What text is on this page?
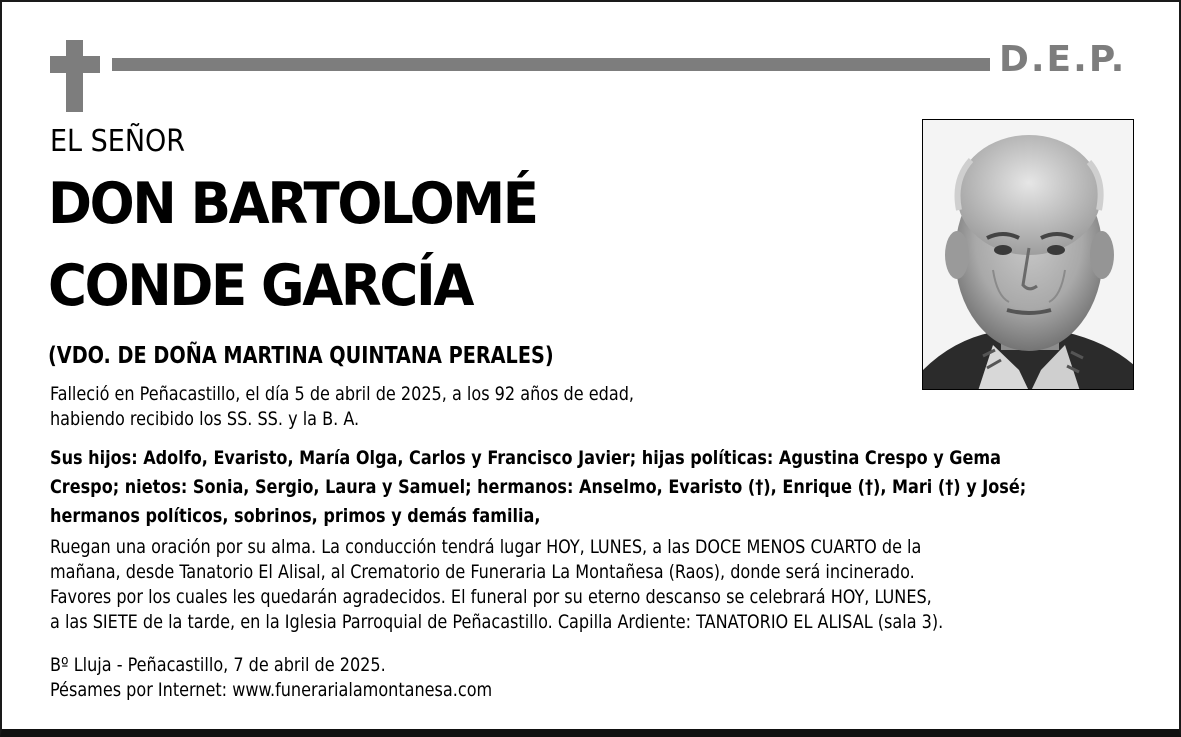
D.E.P.
EL SEÑOR
DON BARTOLOMÉ
CONDE GARCÍA
(VDO. DE DOÑA MARTINA QUINTANA PERALES)
Falleció en Peñacastillo, el día 5 de abril de 2025, a los 92 años de edad,
habiendo recibido los SS. SS. y la B. A.
Sus hijos: Adolfo, Evaristo, María Olga, Carlos y Francisco Javier; hijas políticas: Agustina Crespo y Gema
Crespo; nietos: Sonia, Sergio, Laura y Samuel; hermanos: Anselmo, Evaristo (†), Enrique (†), Mari (†) y José;
hermanos políticos, sobrinos, primos y demás familia,
Ruegan una oración por su alma. La conducción tendrá lugar HOY, LUNES, a las DOCE MENOS CUARTO de la
mañana, desde Tanatorio El Alisal, al Crematorio de Funeraria La Montañesa (Raos), donde será incinerado.
Favores por los cuales les quedarán agradecidos. El funeral por su eterno descanso se celebrará HOY, LUNES,
a las SIETE de la tarde, en la Iglesia Parroquial de Peñacastillo. Capilla Ardiente: TANATORIO EL ALISAL (sala 3).
Bº Lluja - Peñacastillo, 7 de abril de 2025.
Pésames por Internet: www.funerarialamontanesa.com
